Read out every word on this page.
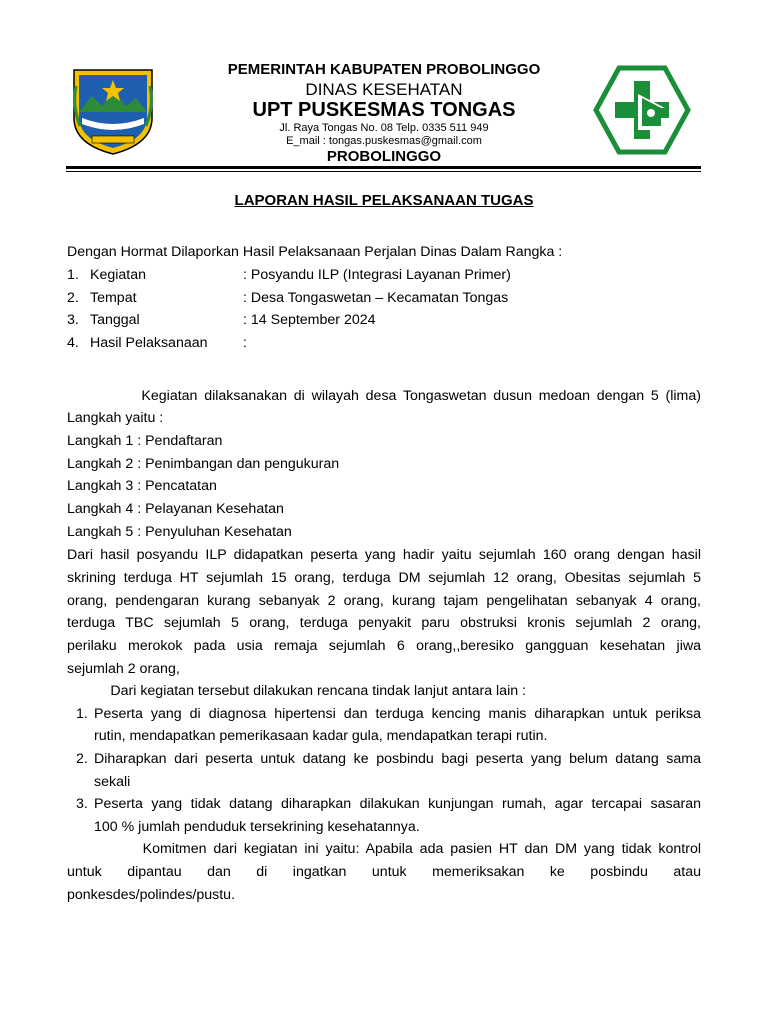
PEMERINTAH KABUPATEN PROBOLINGGO
DINAS KESEHATAN
UPT PUSKESMAS TONGAS
Jl. Raya Tongas No. 08 Telp. 0335 511 949
E_mail : tongas.puskesmas@gmail.com
PROBOLINGGO
LAPORAN HASIL PELAKSANAAN TUGAS
Dengan Hormat Dilaporkan Hasil Pelaksanaan Perjalan Dinas Dalam Rangka :
1. Kegiatan	: Posyandu ILP (Integrasi Layanan Primer)
2. Tempat	: Desa Tongaswetan – Kecamatan Tongas
3. Tanggal	: 14 September 2024
4. Hasil Pelaksanaan :
Kegiatan dilaksanakan di wilayah desa Tongaswetan dusun medoan dengan 5 (lima)
Langkah yaitu :
Langkah 1 : Pendaftaran
Langkah 2 : Penimbangan dan pengukuran
Langkah 3 : Pencatatan
Langkah 4 : Pelayanan Kesehatan
Langkah 5 : Penyuluhan Kesehatan
Dari hasil posyandu ILP didapatkan peserta yang hadir yaitu sejumlah 160 orang dengan hasil
skrining terduga HT sejumlah 15 orang, terduga DM sejumlah 12 orang, Obesitas sejumlah 5
orang, pendengaran kurang sebanyak 2 orang, kurang tajam pengelihatan sebanyak 4 orang,
terduga TBC sejumlah 5 orang, terduga penyakit paru obstruksi kronis sejumlah 2 orang,
perilaku merokok pada usia remaja sejumlah 6 orang,,beresiko gangguan kesehatan jiwa
sejumlah 2 orang,
Dari kegiatan tersebut dilakukan rencana tindak lanjut antara lain :
1. Peserta yang di diagnosa hipertensi dan terduga kencing manis diharapkan untuk periksa
rutin, mendapatkan pemerikasaan kadar gula, mendapatkan terapi rutin.
2. Diharapkan dari peserta untuk datang ke posbindu bagi peserta yang belum datang sama
sekali
3. Peserta yang tidak datang diharapkan dilakukan kunjungan rumah, agar tercapai sasaran
100 % jumlah penduduk tersekrining kesehatannya.
Komitmen dari kegiatan ini yaitu: Apabila ada pasien HT dan DM yang tidak kontrol
untuk dipantau dan di ingatkan untuk memeriksakan ke posbindu atau
ponkesdes/polindes/pustu.
